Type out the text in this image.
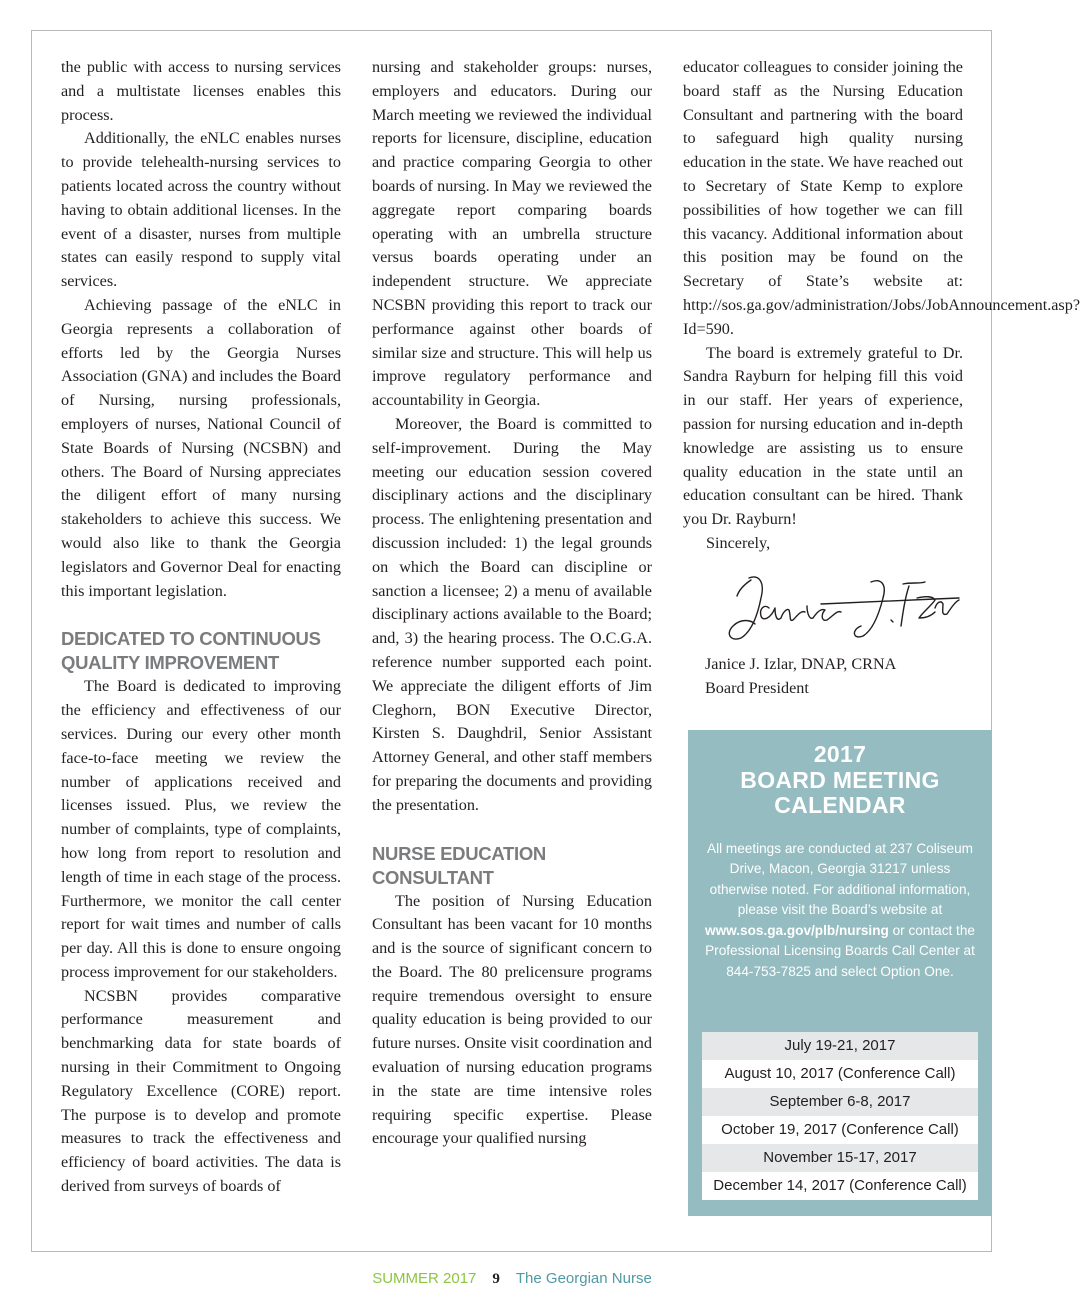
the public with access to nursing services and a multistate licenses enables this process.

Additionally, the eNLC enables nurses to provide telehealth-nursing services to patients located across the country without having to obtain additional licenses. In the event of a disaster, nurses from multiple states can easily respond to supply vital services.

Achieving passage of the eNLC in Georgia represents a collaboration of efforts led by the Georgia Nurses Association (GNA) and includes the Board of Nursing, nursing professionals, employers of nurses, National Council of State Boards of Nursing (NCSBN) and others. The Board of Nursing appreciates the diligent effort of many nursing stakeholders to achieve this success. We would also like to thank the Georgia legislators and Governor Deal for enacting this important legislation.

DEDICATED TO CONTINUOUS QUALITY IMPROVEMENT

The Board is dedicated to improving the efficiency and effectiveness of our services. During our every other month face-to-face meeting we review the number of applications received and licenses issued. Plus, we review the number of complaints, type of complaints, how long from report to resolution and length of time in each stage of the process. Furthermore, we monitor the call center report for wait times and number of calls per day. All this is done to ensure ongoing process improvement for our stakeholders.

NCSBN provides comparative performance measurement and benchmarking data for state boards of nursing in their Commitment to Ongoing Regulatory Excellence (CORE) report. The purpose is to develop and promote measures to track the effectiveness and efficiency of board activities. The data is derived from surveys of boards of

nursing and stakeholder groups: nurses, employers and educators. During our March meeting we reviewed the individual reports for licensure, discipline, education and practice comparing Georgia to other boards of nursing. In May we reviewed the aggregate report comparing boards operating with an umbrella structure versus boards operating under an independent structure. We appreciate NCSBN providing this report to track our performance against other boards of similar size and structure. This will help us improve regulatory performance and accountability in Georgia.

Moreover, the Board is committed to self-improvement. During the May meeting our education session covered disciplinary actions and the disciplinary process. The enlightening presentation and discussion included: 1) the legal grounds on which the Board can discipline or sanction a licensee; 2) a menu of available disciplinary actions available to the Board; and, 3) the hearing process. The O.C.G.A. reference number supported each point. We appreciate the diligent efforts of Jim Cleghorn, BON Executive Director, Kirsten S. Daughdril, Senior Assistant Attorney General, and other staff members for preparing the documents and providing the presentation.

NURSE EDUCATION CONSULTANT

The position of Nursing Education Consultant has been vacant for 10 months and is the source of significant concern to the Board. The 80 prelicensure programs require tremendous oversight to ensure quality education is being provided to our future nurses. Onsite visit coordination and evaluation of nursing education programs in the state are time intensive roles requiring specific expertise. Please encourage your qualified nursing

educator colleagues to consider joining the board staff as the Nursing Education Consultant and partnering with the board to safeguard high quality nursing education in the state. We have reached out to Secretary of State Kemp to explore possibilities of how together we can fill this vacancy. Additional information about this position may be found on the Secretary of State’s website at: http://sos.ga.gov/administration/Jobs/JobAnnouncement.asp?Id=590.

The board is extremely grateful to Dr. Sandra Rayburn for helping fill this void in our staff. Her years of experience, passion for nursing education and in-depth knowledge are assisting us to ensure quality education in the state until an education consultant can be hired. Thank you Dr. Rayburn!

Sincerely,

Janice J. Izlar, DNAP, CRNA
Board President
2017
BOARD MEETING
CALENDAR
All meetings are conducted at 237 Coliseum Drive, Macon, Georgia 31217 unless otherwise noted. For additional information, please visit the Board’s website at www.sos.ga.gov/plb/nursing or contact the Professional Licensing Boards Call Center at 844-753-7825 and select Option One.
July 19-21, 2017
August 10, 2017 (Conference Call)
September 6-8, 2017
October 19, 2017 (Conference Call)
November 15-17, 2017
December 14, 2017 (Conference Call)
SUMMER 2017 9 The Georgian Nurse
